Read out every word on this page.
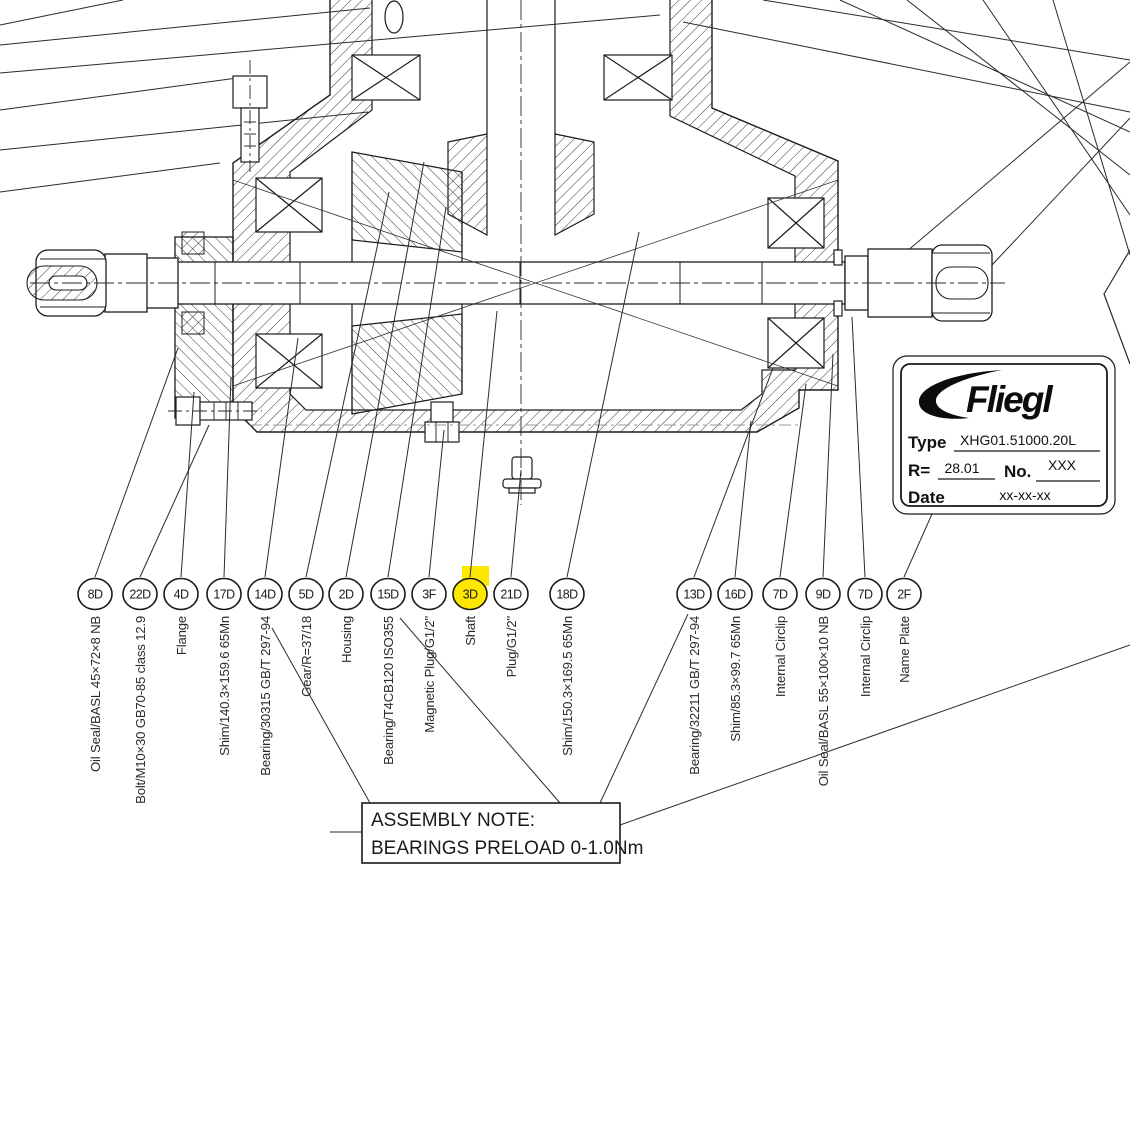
8D
Oil Seal/BASL 45×72×8 NB
22D
Bolt/M10×30 GB70-85 class 12.9
4D
Flange
17D
Shim/140.3×159.6 65Mn
14D
Bearing/30315 GB/T 297-94
5D
Gear/R=37/18
2D
Housing
15D
Bearing/T4CB120 ISO355
3F
Magnetic Plug/G1/2"
3D
Shaft
21D
Plug/G1/2"
18D
Shim/150.3×169.5 65Mn
13D
Bearing/32211 GB/T 297-94
16D
Shim/85.3×99.7 65Mn
7D
Internal Circlip
9D
Oil Seal/BASL 55×100×10 NB
7D
Internal Circlip
2F
Name Plate
ASSEMBLY NOTE:
BEARINGS PRELOAD 0-1.0Nm
Fliegl
Type XHG01.51000.20L
R= 28.01 No. XXX
Date	xx-xx-xx
